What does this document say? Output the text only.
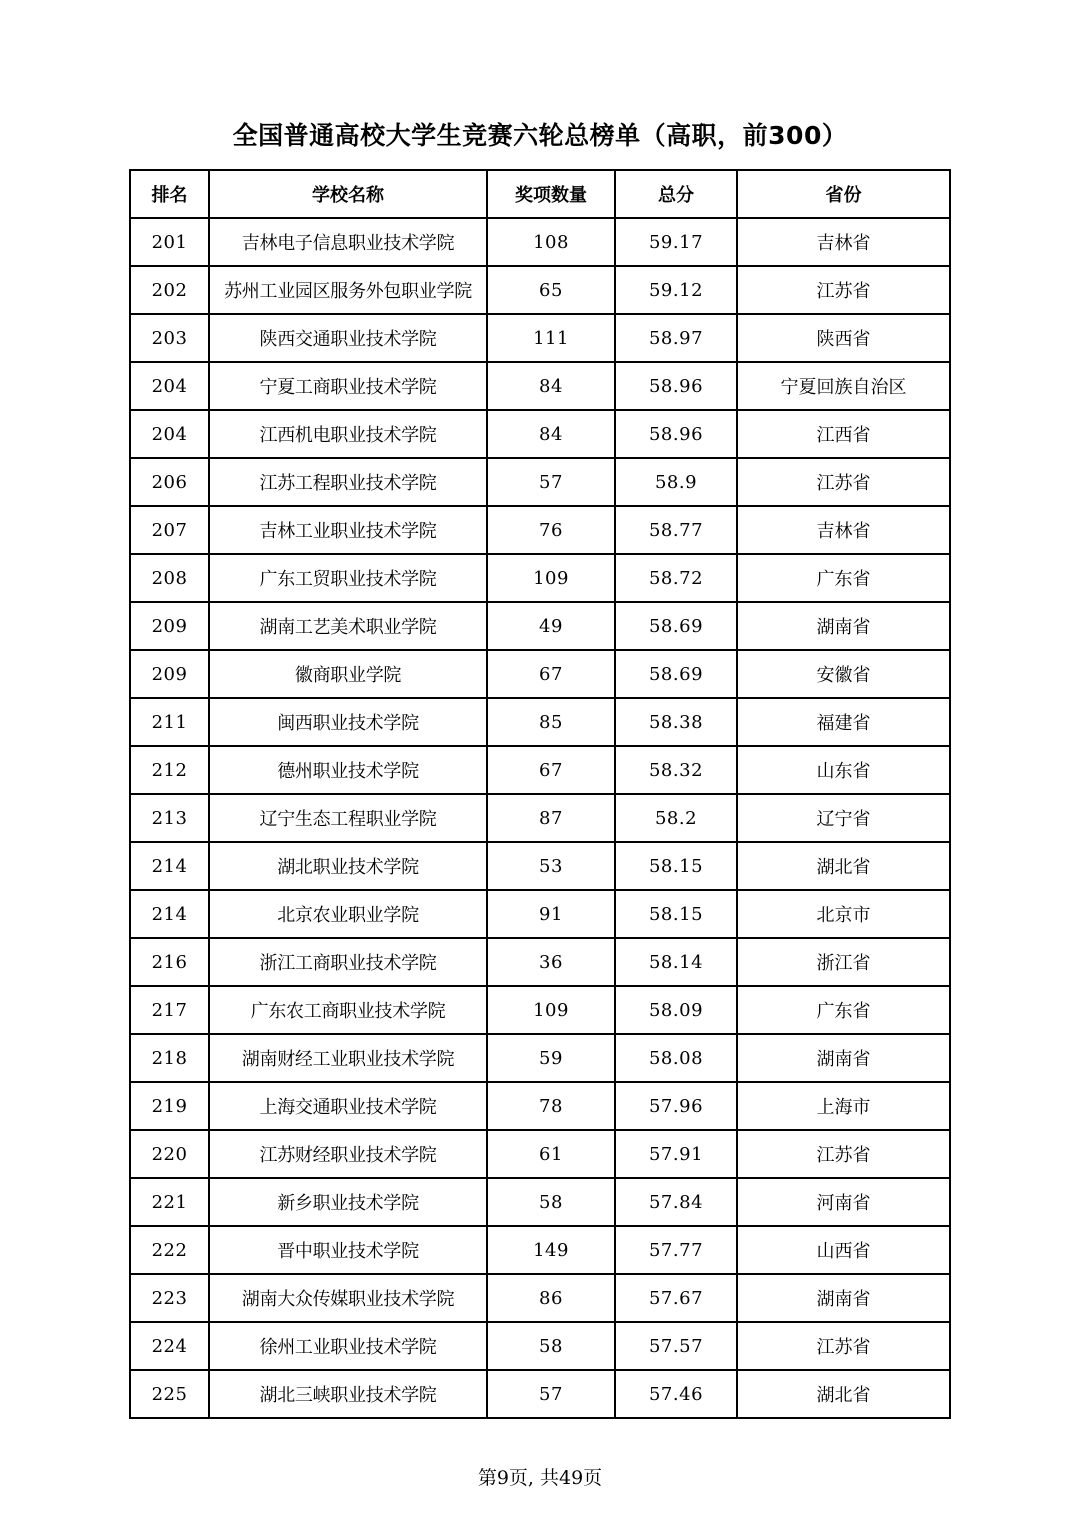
全国普通高校大学生竞赛六轮总榜单（高职，前300）
排名	学校名称	奖项数量	总分	省份
201	吉林电子信息职业技术学院	108	59.17	吉林省
202	苏州工业园区服务外包职业学院	65	59.12	江苏省
203	陕西交通职业技术学院	111	58.97	陕西省
204	宁夏工商职业技术学院	84	58.96	宁夏回族自治区
204	江西机电职业技术学院	84	58.96	江西省
206	江苏工程职业技术学院	57	58.9	江苏省
207	吉林工业职业技术学院	76	58.77	吉林省
208	广东工贸职业技术学院	109	58.72	广东省
209	湖南工艺美术职业学院	49	58.69	湖南省
209	徽商职业学院	67	58.69	安徽省
211	闽西职业技术学院	85	58.38	福建省
212	德州职业技术学院	67	58.32	山东省
213	辽宁生态工程职业学院	87	58.2	辽宁省
214	湖北职业技术学院	53	58.15	湖北省
214	北京农业职业学院	91	58.15	北京市
216	浙江工商职业技术学院	36	58.14	浙江省
217	广东农工商职业技术学院	109	58.09	广东省
218	湖南财经工业职业技术学院	59	58.08	湖南省
219	上海交通职业技术学院	78	57.96	上海市
220	江苏财经职业技术学院	61	57.91	江苏省
221	新乡职业技术学院	58	57.84	河南省
222	晋中职业技术学院	149	57.77	山西省
223	湖南大众传媒职业技术学院	86	57.67	湖南省
224	徐州工业职业技术学院	58	57.57	江苏省
225	湖北三峡职业技术学院	57	57.46	湖北省
第9页, 共49页
